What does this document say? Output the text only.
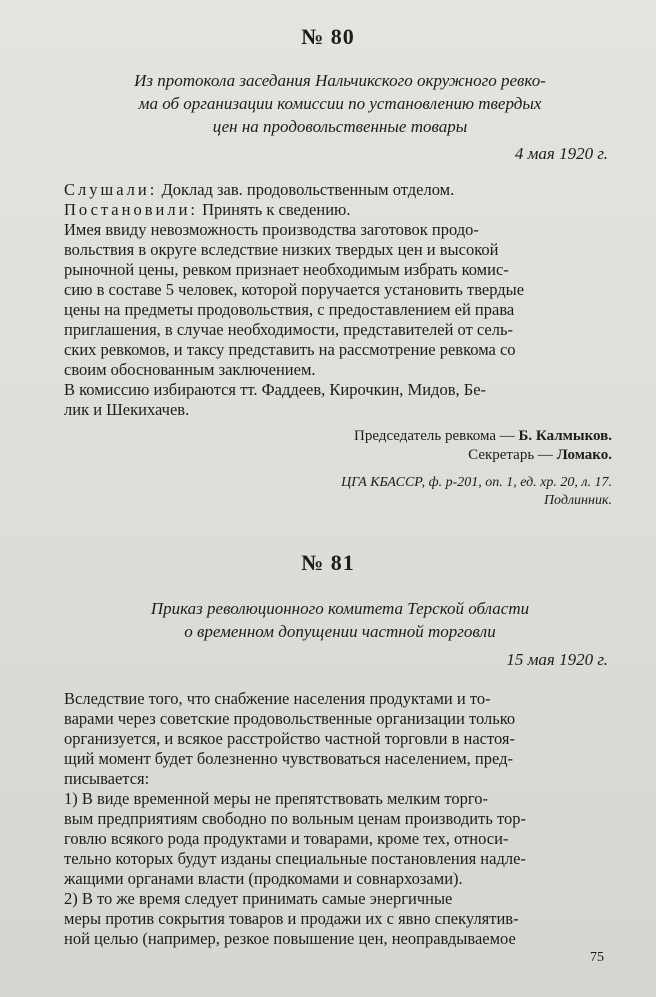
№ 80
Из протокола заседания Нальчикского окружного ревко-
ма об организации комиссии по установлению твердых
цен на продовольственные товары
4 мая 1920 г.
Слушали: Доклад зав. продовольственным отделом.
Постановили: Принять к сведению.
Имея ввиду невозможность производства заготовок продо-
вольствия в округе вследствие низких твердых цен и высокой
рыночной цены, ревком признает необходимым избрать комис-
сию в составе 5 человек, которой поручается установить твердые
цены на предметы продовольствия, с предоставлением ей права
приглашения, в случае необходимости, представителей от сель-
ских ревкомов, и таксу представить на рассмотрение ревкома со
своим обоснованным заключением.
В комиссию избираются тт. Фаддеев, Кирочкин, Мидов, Бе-
лик и Шекихачев.
Председатель ревкома — Б. Калмыков.
Секретарь — Ломако.
ЦГА КБАССР, ф. р-201, оп. 1, ед. хр. 20, л. 17.
Подлинник.
№ 81
Приказ революционного комитета Терской области
о временном допущении частной торговли
15 мая 1920 г.
Вследствие того, что снабжение населения продуктами и то-
варами через советские продовольственные организации только
организуется, и всякое расстройство частной торговли в настоя-
щий момент будет болезненно чувствоваться населением, пред-
писывается:
1) В виде временной меры не препятствовать мелким торго-
вым предприятиям свободно по вольным ценам производить тор-
говлю всякого рода продуктами и товарами, кроме тех, относи-
тельно которых будут изданы специальные постановления надле-
жащими органами власти (продкомами и совнархозами).
2) В то же время следует принимать самые энергичные
меры против сокрытия товаров и продажи их с явно спекулятив-
ной целью (например, резкое повышение цен, неоправдываемое
75
